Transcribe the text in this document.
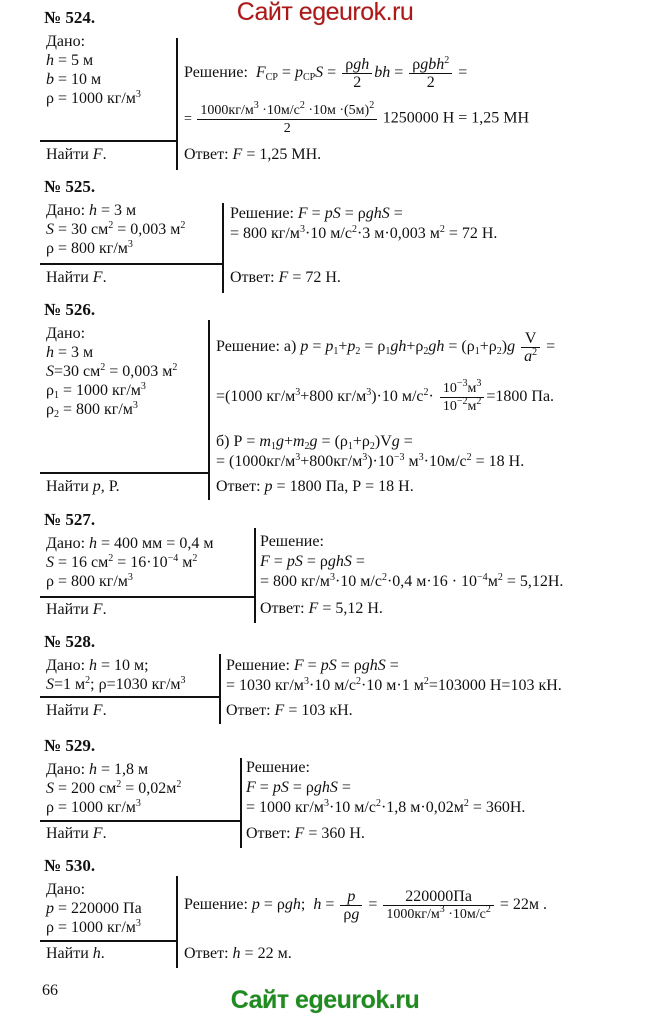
Сайт egeurok.ru
№ 524.
Дано:
h = 5 м
b = 10 м
ρ = 1000 $кг/м^3$
Найти F.
Решение: $F_{СР} = p_{СР}S = \frac{\text{ρgh}}{2}$ bh = $\frac{\rho gbh^2}{2}$ =
= $\frac{1000кг/м^3 \cdot 10м/с^2 \cdot 10м \cdot(5м)^2}{2} 1250000$ Н = 1,25 МН
Ответ: F = 1,25 МН.
№ 525.
Дано: h = 3 м
S = 30 $см^2 = 0,003$ $м^2$
ρ = 800 $кг/м^3$
Найти F.
Решение: F = pS = ρghS =
= 800 $кг/м^3\cdot 10$ $м/с^2\cdot 3$ м·0,003 $м^2 = 72$ Н.
Ответ: F = 72 Н.
№ 526.
Дано:
h = 3 м
S=30 $см^2 = 0,003$ $м^2$
$\rho_1 = 1000$ $кг/м^3$
$\rho_2 = 800$ $кг/м^3$
Найти p, Р.
Решение: а) $p = p_1+p_2 = \rho_1gh+\rho_2gh = (\rho_1+\rho_2)g \frac{V}{a^2}$ =
=(1000 $кг/м^3+800$ $кг/м^3)\cdot 10$ $м/с^2\cdot \frac{10^{-3}м^3}{10^{-2}м^2} =1800$ Па.
б) $Р = m_1g+m_2g = (\rho_1+\rho_2)Vg$ =
= $(1000кг/м^3+800кг/м^3)\cdot 10^{-3}$ $м^3\cdot 10м/с^2 = 18$ Н.
Ответ: p = 1800 Па, Р = 18 Н.
№ 527.
Дано: h = 400 мм = 0,4 м
S = 16 $см^2 = 16\cdot 10^{-4}$ $м^2$
ρ = 800 $кг/м^3$
Найти F.
Решение:
F = pS = ρghS =
= 800 $кг/м^3\cdot 10$ $м/с^2\cdot 0,4$ $м\cdot 16 \cdot 10^{-4}м^2 = 5,12Н$.
Ответ: F = 5,12 Н.
№ 528.
Дано: h = 10 м;
S=1 $м^2$; ρ=1030 $кг/м^3$
Найти F.
Решение: F = pS = ρghS =
= 1030 $кг/м^3\cdot 10$ $м/с^2\cdot 10$ м·1 $м^2=103000$ Н=103 кН.
Ответ: F = 103 кН.
№ 529.
Дано: h = 1,8 м
S = 200 $см^2 = 0,02м^2$
ρ = 1000 $кг/м^3$
Найти F.
Решение:
F = pS = ρghS =
= 1000 $кг/м^3\cdot 10$ $м/с^2\cdot 1,8$ $м\cdot 0,02м^2 = 360Н$.
Ответ: F = 360 Н.
№ 530.
Дано:
p = 220000 Па
ρ = 1000 $кг/м^3$
Найти h.
Решение: p = ρgh;  $h = \frac{p}{\rho g} = \frac{220000Па}{1000кг/м^3 \cdot 10м/с^2} = 22м$ .
Ответ: h = 22 м.
66	Сайт egeurok.ru
